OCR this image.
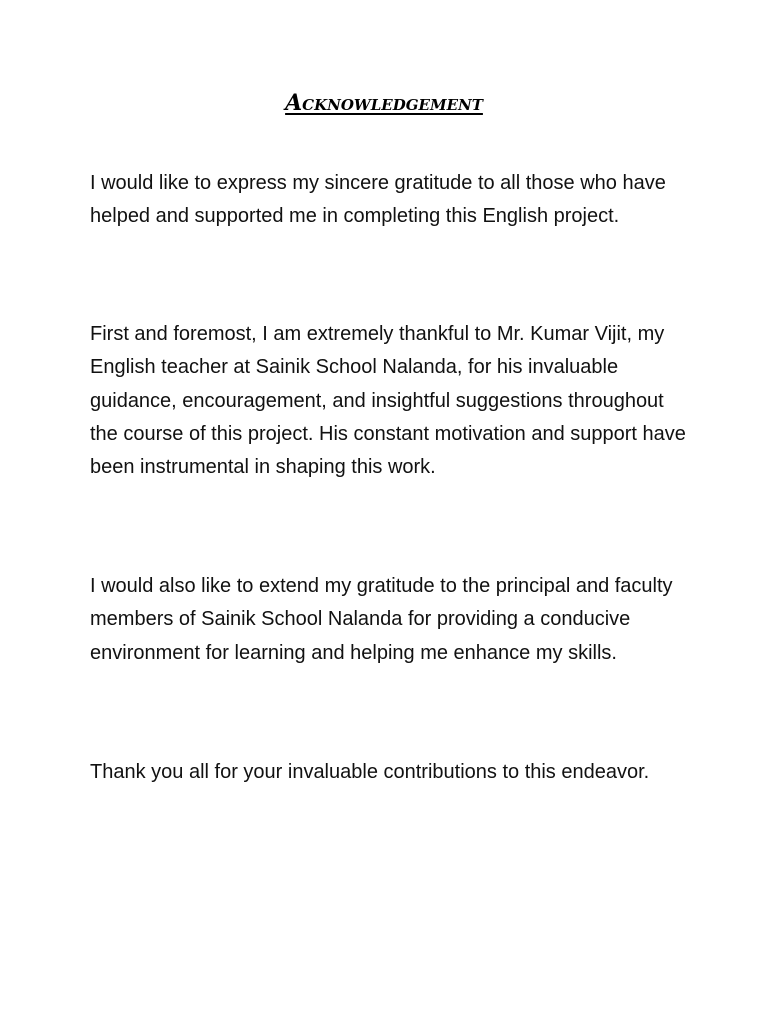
Acknowledgement

I would like to express my sincere gratitude to all those who have helped and supported me in completing this English project.

First and foremost, I am extremely thankful to Mr. Kumar Vijit, my English teacher at Sainik School Nalanda, for his invaluable guidance, encouragement, and insightful suggestions throughout the course of this project. His constant motivation and support have been instrumental in shaping this work.

I would also like to extend my gratitude to the principal and faculty members of Sainik School Nalanda for providing a conducive environment for learning and helping me enhance my skills.

Thank you all for your invaluable contributions to this endeavor.
